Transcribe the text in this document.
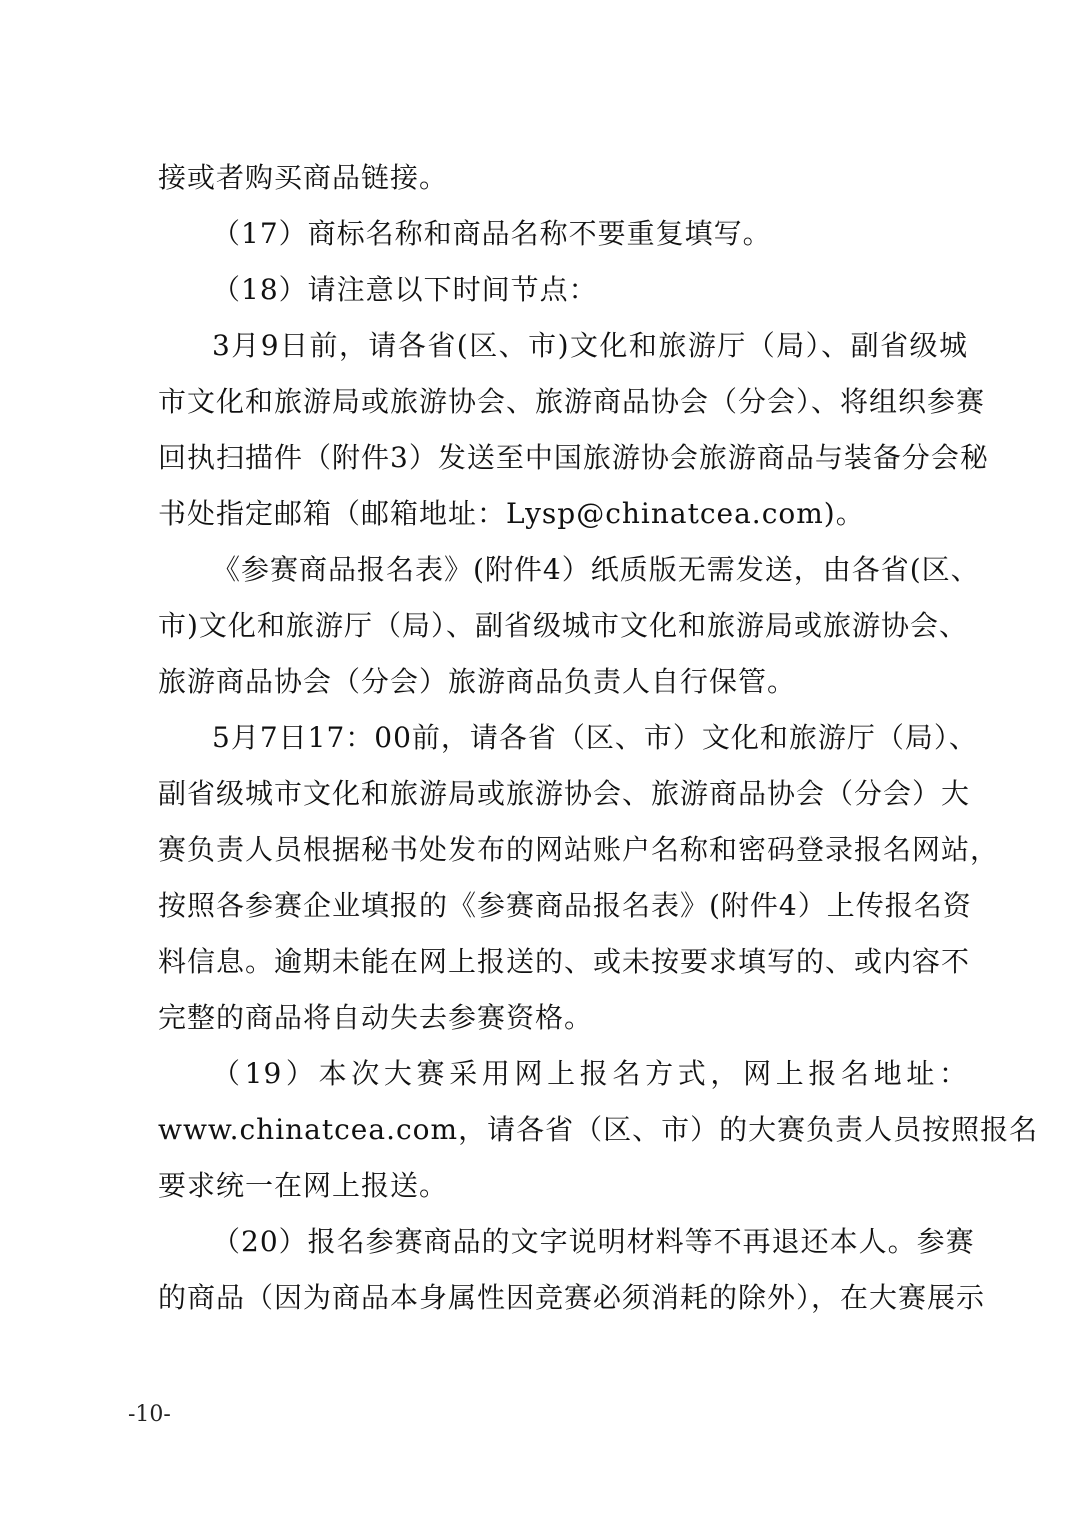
接或者购买商品链接。
（17）商标名称和商品名称不要重复填写。
（18）请注意以下时间节点：
3月9日前，请各省(区、市)文化和旅游厅（局）、副省级城
市文化和旅游局或旅游协会、旅游商品协会（分会）、将组织参赛
回执扫描件（附件3）发送至中国旅游协会旅游商品与装备分会秘
书处指定邮箱（邮箱地址：Lysp@chinatcea.com)。
《参赛商品报名表》(附件4）纸质版无需发送，由各省(区、
市)文化和旅游厅（局）、副省级城市文化和旅游局或旅游协会、
旅游商品协会（分会）旅游商品负责人自行保管。
5月7日17：00前，请各省（区、市）文化和旅游厅（局）、
副省级城市文化和旅游局或旅游协会、旅游商品协会（分会）大
赛负责人员根据秘书处发布的网站账户名称和密码登录报名网站，
按照各参赛企业填报的《参赛商品报名表》(附件4）上传报名资
料信息。逾期未能在网上报送的、或未按要求填写的、或内容不
完整的商品将自动失去参赛资格。
（19）本次大赛采用网上报名方式，网上报名地址：
www.chinatcea.com，请各省（区、市）的大赛负责人员按照报名
要求统一在网上报送。
（20）报名参赛商品的文字说明材料等不再退还本人。参赛
的商品（因为商品本身属性因竞赛必须消耗的除外），在大赛展示
-10-
